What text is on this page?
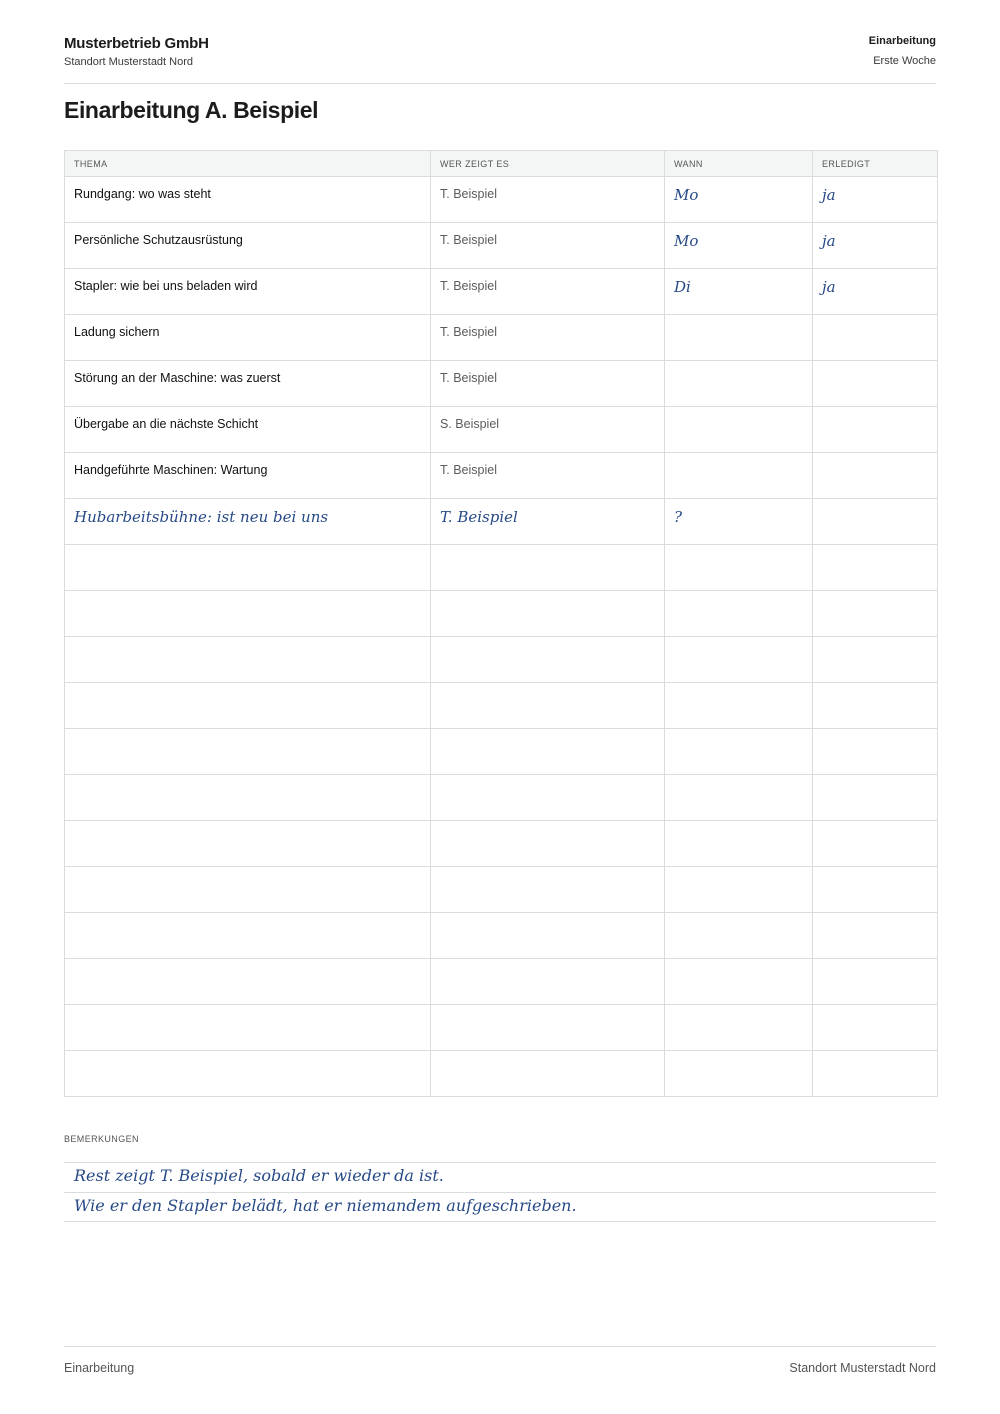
Musterbetrieb GmbH
Standort Musterstadt Nord
Einarbeitung
Erste Woche
Einarbeitung A. Beispiel
THEMA	WER ZEIGT ES	WANN	ERLEDIGT
Rundgang: wo was steht	T. Beispiel	Mo	ja
Persönliche Schutzausrüstung	T. Beispiel	Mo	ja
Stapler: wie bei uns beladen wird	T. Beispiel	Di	ja
Ladung sichern	T. Beispiel		
Störung an der Maschine: was zuerst	T. Beispiel		
Übergabe an die nächste Schicht	S. Beispiel		
Handgeführte Maschinen: Wartung	T. Beispiel		
Hubarbeitsbühne: ist neu bei uns	T. Beispiel	?	

BEMERKUNGEN
Rest zeigt T. Beispiel, sobald er wieder da ist.
Wie er den Stapler belädt, hat er niemandem aufgeschrieben.
Einarbeitung	Standort Musterstadt Nord
